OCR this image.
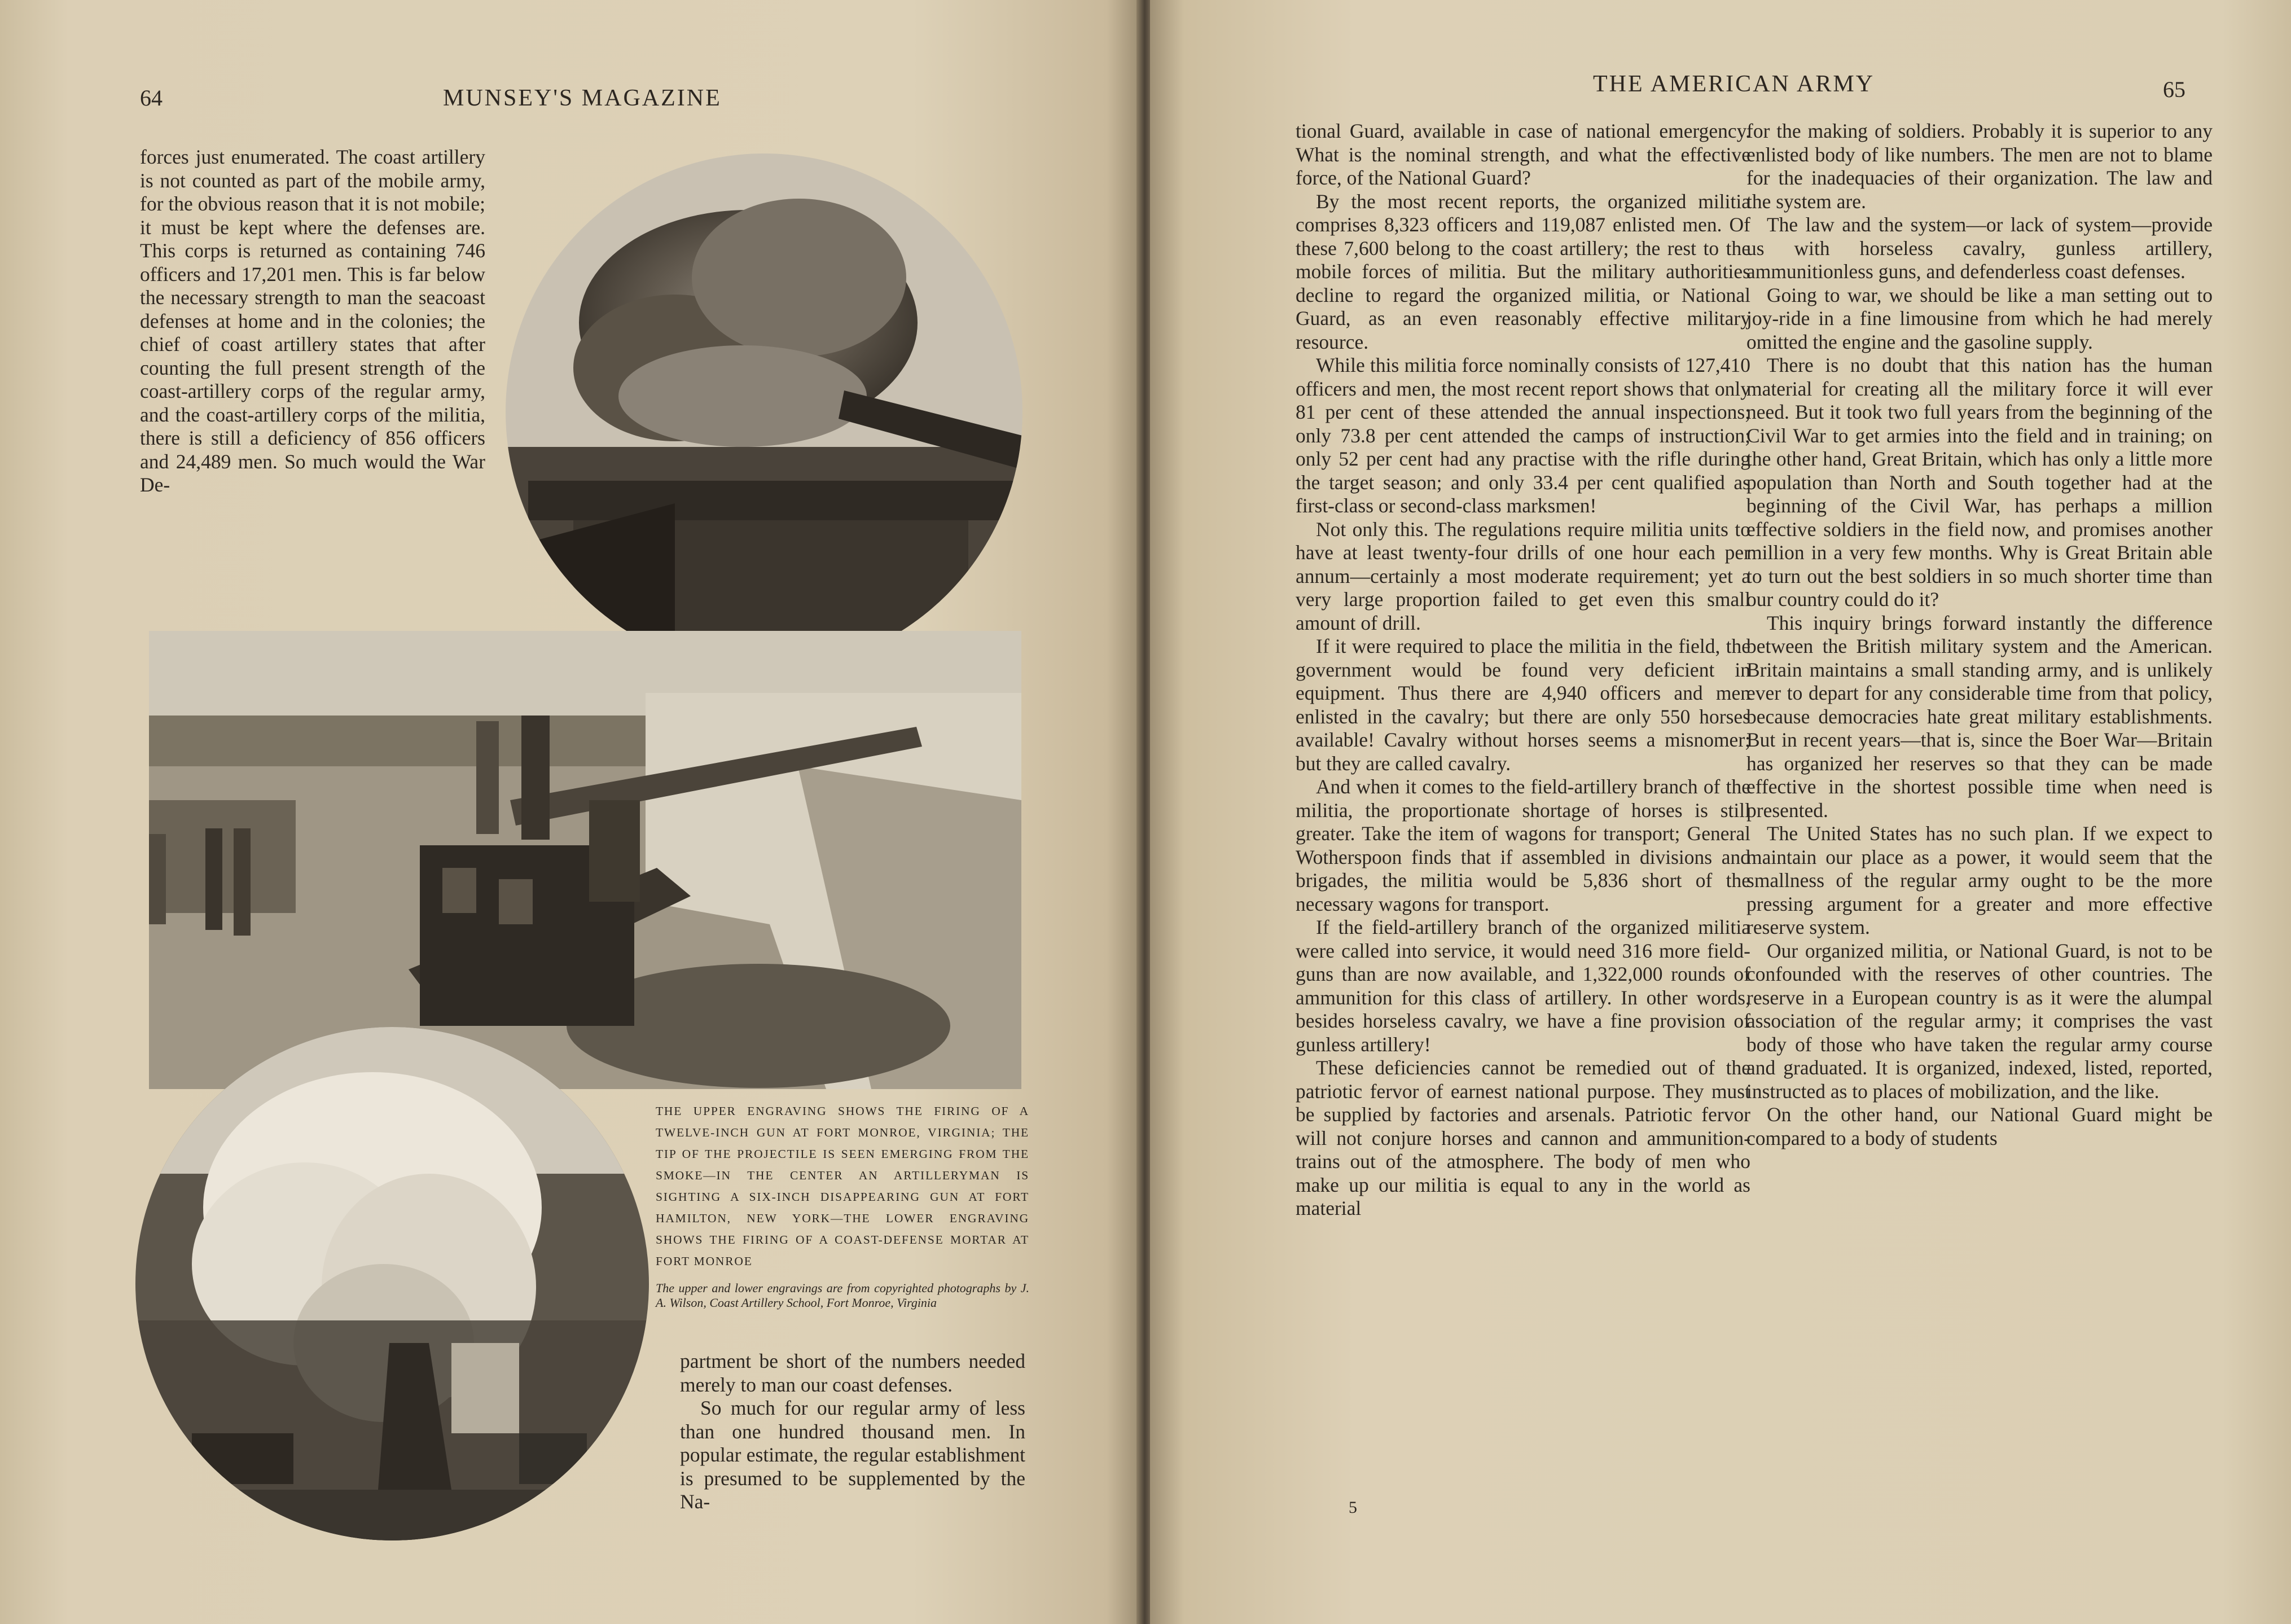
64	MUNSEY'S MAGAZINE

forces just enumerated. The coast artillery is not counted as part of the mobile army, for the obvious reason that it is not mobile; it must be kept where the defenses are. This corps is returned as containing 746 officers and 17,201 men. This is far below the necessary strength to man the seacoast defenses at home and in the colonies; the chief of coast artillery states that after counting the full present strength of the coast-artillery corps of the regular army, and the coast-artillery corps of the militia, there is still a deficiency of 856 officers and 24,489 men. So much would the War De-

THE UPPER ENGRAVING SHOWS THE FIRING OF A TWELVE-INCH GUN AT FORT MONROE, VIRGINIA; THE TIP OF THE PROJECTILE IS SEEN EMERGING FROM THE SMOKE—IN THE CENTER AN ARTILLERYMAN IS SIGHTING A SIX-INCH DISAPPEARING GUN AT FORT HAMILTON, NEW YORK—THE LOWER ENGRAVING SHOWS THE FIRING OF A COAST-DEFENSE MORTAR AT FORT MONROE
The upper and lower engravings are from copyrighted photographs by J. A. Wilson, Coast Artillery School, Fort Monroe, Virginia

partment be short of the numbers needed merely to man our coast defenses.

So much for our regular army of less than one hundred thousand men. In popular estimate, the regular establishment is presumed to be supplemented by the Na-

THE AMERICAN ARMY	65

tional Guard, available in case of national emergency. What is the nominal strength, and what the effective force, of the National Guard?

By the most recent reports, the organized militia comprises 8,323 officers and 119,087 enlisted men. Of these 7,600 belong to the coast artillery; the rest to the mobile forces of militia. But the military authorities decline to regard the organized militia, or National Guard, as an even reasonably effective military resource.

While this militia force nominally consists of 127,410 officers and men, the most recent report shows that only 81 per cent of these attended the annual inspections; only 73.8 per cent attended the camps of instruction; only 52 per cent had any practise with the rifle during the target season; and only 33.4 per cent qualified as first-class or second-class marksmen!

Not only this. The regulations require militia units to have at least twenty-four drills of one hour each per annum—certainly a most moderate requirement; yet a very large proportion failed to get even this small amount of drill.

If it were required to place the militia in the field, the government would be found very deficient in equipment. Thus there are 4,940 officers and men enlisted in the cavalry; but there are only 550 horses available! Cavalry without horses seems a misnomer; but they are called cavalry.

And when it comes to the field-artillery branch of the militia, the proportionate shortage of horses is still greater. Take the item of wagons for transport; General Wotherspoon finds that if assembled in divisions and brigades, the militia would be 5,836 short of the necessary wagons for transport.

If the field-artillery branch of the organized militia were called into service, it would need 316 more field-guns than are now available, and 1,322,000 rounds of ammunition for this class of artillery. In other words, besides horseless cavalry, we have a fine provision of gunless artillery!

These deficiencies cannot be remedied out of the patriotic fervor of earnest national purpose. They must be supplied by factories and arsenals. Patriotic fervor will not conjure horses and cannon and ammunition-trains out of the atmosphere. The body of men who make up our militia is equal to any in the world as material

for the making of soldiers. Probably it is superior to any enlisted body of like numbers. The men are not to blame for the inadequacies of their organization. The law and the system are.

The law and the system—or lack of system—provide us with horseless cavalry, gunless artillery, ammunitionless guns, and defenderless coast defenses.

Going to war, we should be like a man setting out to joy-ride in a fine limousine from which he had merely omitted the engine and the gasoline supply.

There is no doubt that this nation has the human material for creating all the military force it will ever need. But it took two full years from the beginning of the Civil War to get armies into the field and in training; on the other hand, Great Britain, which has only a little more population than North and South together had at the beginning of the Civil War, has perhaps a million effective soldiers in the field now, and promises another million in a very few months. Why is Great Britain able to turn out the best soldiers in so much shorter time than our country could do it?

This inquiry brings forward instantly the difference between the British military system and the American. Britain maintains a small standing army, and is unlikely ever to depart for any considerable time from that policy, because democracies hate great military establishments. But in recent years—that is, since the Boer War—Britain has organized her reserves so that they can be made effective in the shortest possible time when need is presented.

The United States has no such plan. If we expect to maintain our place as a power, it would seem that the smallness of the regular army ought to be the more pressing argument for a greater and more effective reserve system.

Our organized militia, or National Guard, is not to be confounded with the reserves of other countries. The reserve in a European country is as it were the alumpal association of the regular army; it comprises the vast body of those who have taken the regular army course and graduated. It is organized, indexed, listed, reported, instructed as to places of mobilization, and the like.

On the other hand, our National Guard might be compared to a body of students

5
